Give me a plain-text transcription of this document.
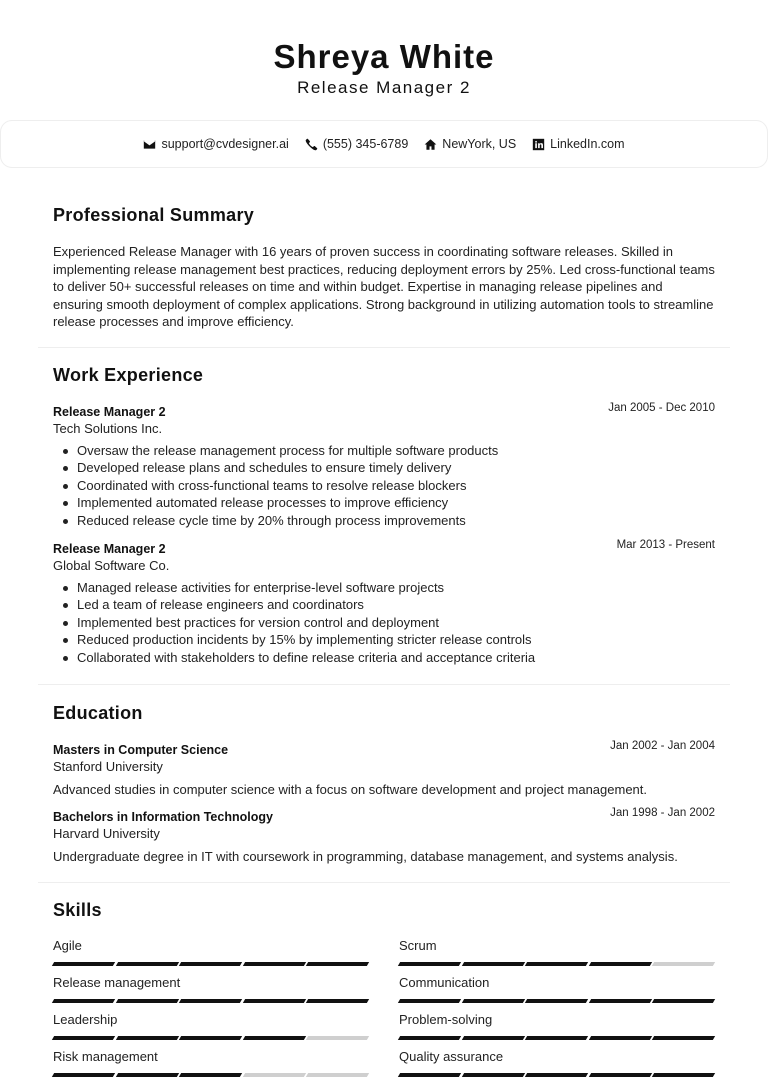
Shreya White
Release Manager 2
support@cvdesigner.ai	(555) 345-6789	NewYork, US	LinkedIn.com
Professional Summary
Experienced Release Manager with 16 years of proven success in coordinating software releases. Skilled in implementing release management best practices, reducing deployment errors by 25%. Led cross-functional teams to deliver 50+ successful releases on time and within budget. Expertise in managing release pipelines and ensuring smooth deployment of complex applications. Strong background in utilizing automation tools to streamline release processes and improve efficiency.
Work Experience
Release Manager 2	Jan 2005 - Dec 2010
Tech Solutions Inc.
Oversaw the release management process for multiple software products
Developed release plans and schedules to ensure timely delivery
Coordinated with cross-functional teams to resolve release blockers
Implemented automated release processes to improve efficiency
Reduced release cycle time by 20% through process improvements
Release Manager 2	Mar 2013 - Present
Global Software Co.
Managed release activities for enterprise-level software projects
Led a team of release engineers and coordinators
Implemented best practices for version control and deployment
Reduced production incidents by 15% by implementing stricter release controls
Collaborated with stakeholders to define release criteria and acceptance criteria
Education
Masters in Computer Science	Jan 2002 - Jan 2004
Stanford University
Advanced studies in computer science with a focus on software development and project management.
Bachelors in Information Technology	Jan 1998 - Jan 2002
Harvard University
Undergraduate degree in IT with coursework in programming, database management, and systems analysis.
Skills
Agile	Scrum
Release management	Communication
Leadership	Problem-solving
Risk management	Quality assurance
